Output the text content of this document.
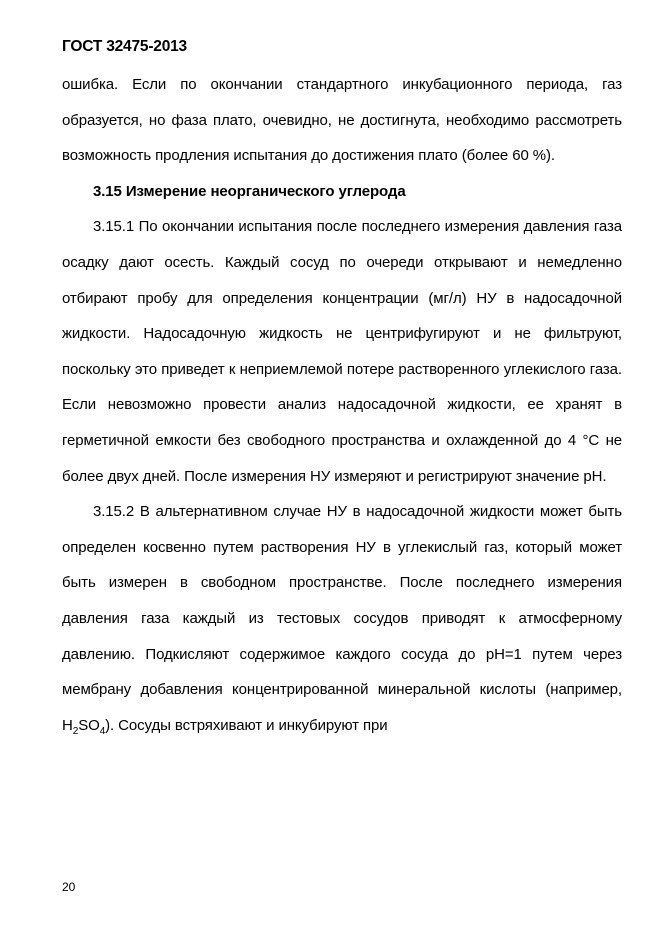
ГОСТ 32475-2013

ошибка. Если по окончании стандартного инкубационного периода, газ образуется, но фаза плато, очевидно, не достигнута, необходимо рассмотреть возможность продления испытания до достижения плато (более 60 %).

3.15 Измерение неорганического углерода

3.15.1 По окончании испытания после последнего измерения давления газа осадку дают осесть. Каждый сосуд по очереди открывают и немедленно отбирают пробу для определения концентрации (мг/л) НУ в надосадочной жидкости. Надосадочную жидкость не центрифугируют и не фильтруют, поскольку это приведет к неприемлемой потере растворенного углекислого газа. Если невозможно провести анализ надосадочной жидкости, ее хранят в герметичной емкости без свободного пространства и охлажденной до 4 °С не более двух дней. После измерения НУ измеряют и регистрируют значение pH.

3.15.2 В альтернативном случае НУ в надосадочной жидкости может быть определен косвенно путем растворения НУ в углекислый газ, который может быть измерен в свободном пространстве. После последнего измерения давления газа каждый из тестовых сосудов приводят к атмосферному давлению. Подкисляют содержимое каждого сосуда до pH=1 путем через мембрану добавления концентрированной минеральной кислоты (например, $H_2SO_4$). Сосуды встряхивают и инкубируют при

20
